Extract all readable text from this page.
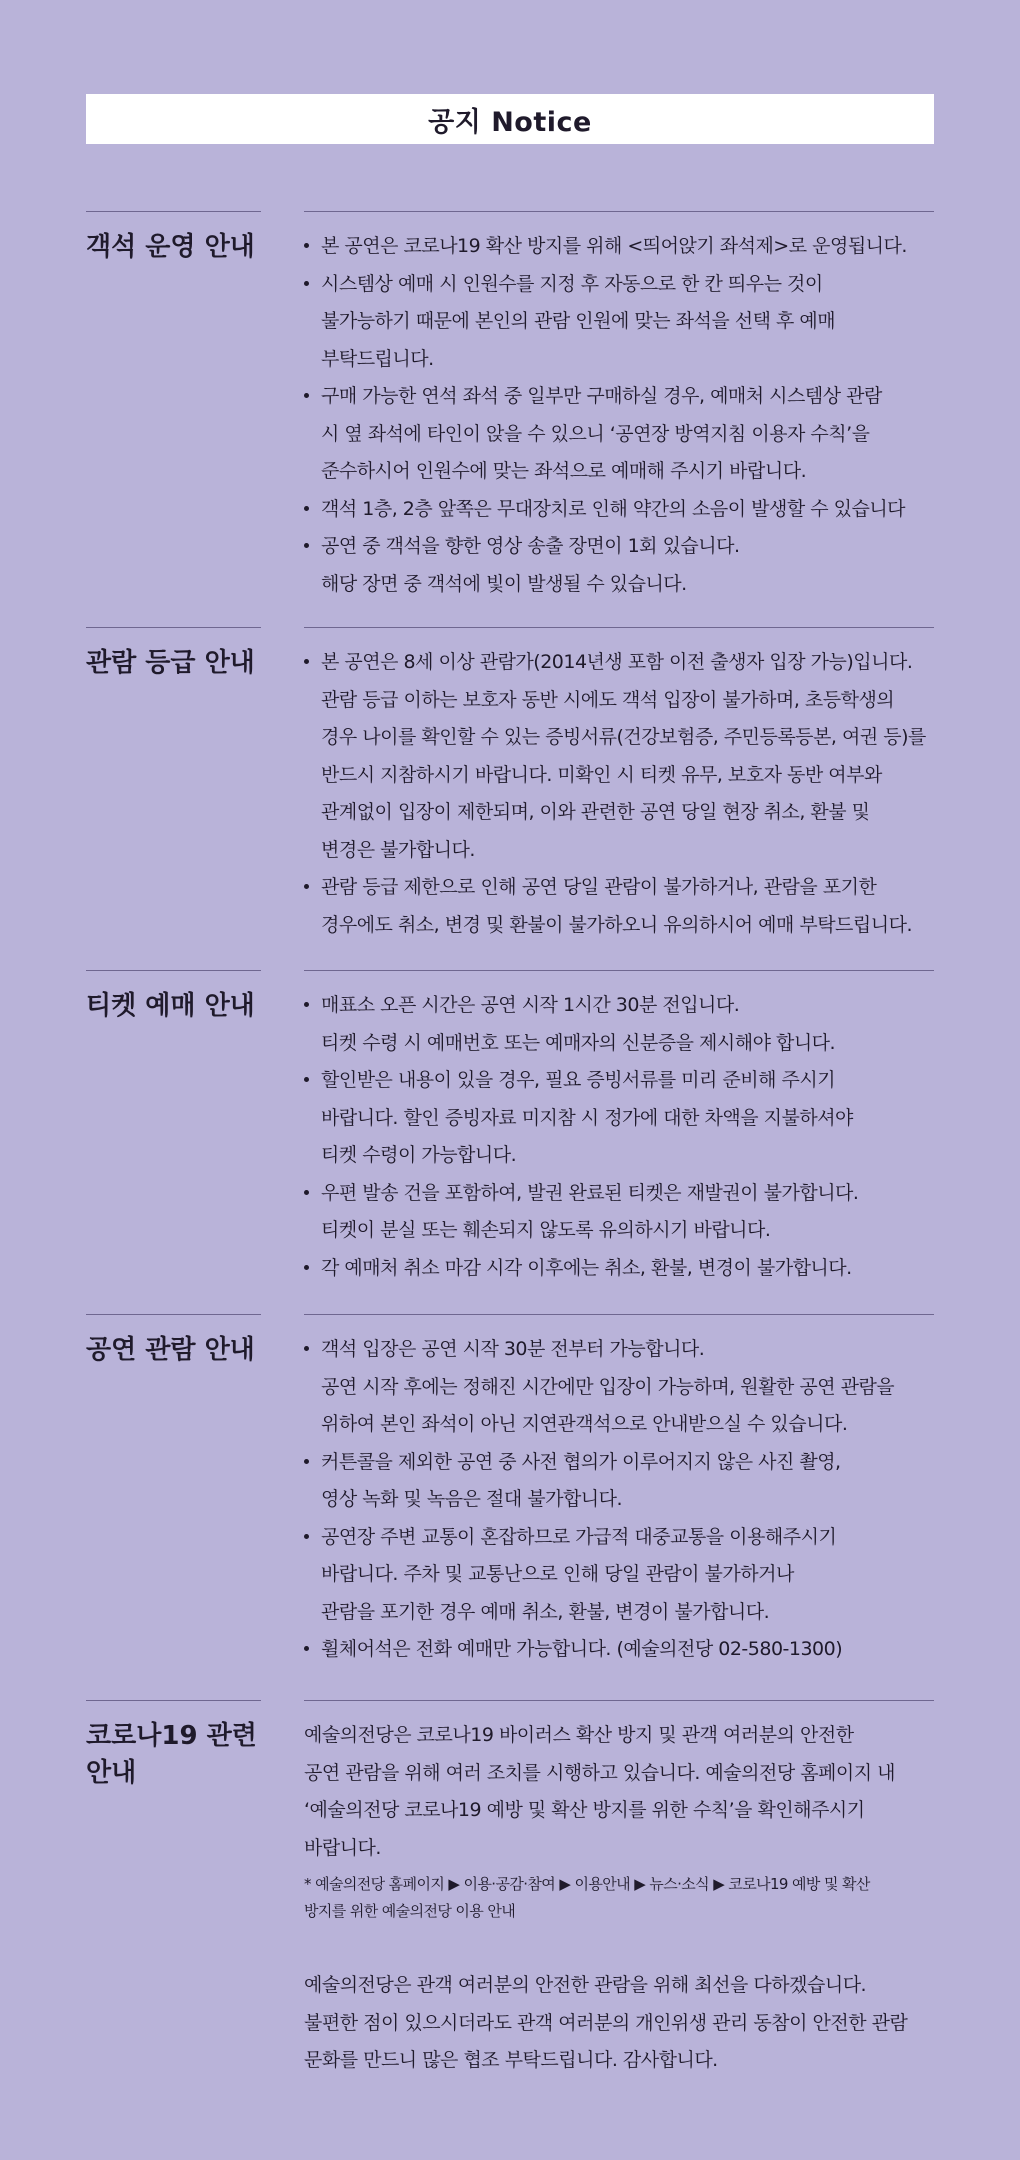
공지 Notice
객석 운영 안내	본 공연은 코로나19 확산 방지를 위해 <띄어앉기 좌석제>로 운영됩니다.
시스템상 예매 시 인원수를 지정 후 자동으로 한 칸 띄우는 것이
불가능하기 때문에 본인의 관람 인원에 맞는 좌석을 선택 후 예매
부탁드립니다.
구매 가능한 연석 좌석 중 일부만 구매하실 경우, 예매처 시스템상 관람
시 옆 좌석에 타인이 앉을 수 있으니 ‘공연장 방역지침 이용자 수칙’을
준수하시어 인원수에 맞는 좌석으로 예매해 주시기 바랍니다.
객석 1층, 2층 앞쪽은 무대장치로 인해 약간의 소음이 발생할 수 있습니다
공연 중 객석을 향한 영상 송출 장면이 1회 있습니다.
해당 장면 중 객석에 빛이 발생될 수 있습니다.
관람 등급 안내	본 공연은 8세 이상 관람가(2014년생 포함 이전 출생자 입장 가능)입니다.
관람 등급 이하는 보호자 동반 시에도 객석 입장이 불가하며, 초등학생의
경우 나이를 확인할 수 있는 증빙서류(건강보험증, 주민등록등본, 여권 등)를
반드시 지참하시기 바랍니다. 미확인 시 티켓 유무, 보호자 동반 여부와
관계없이 입장이 제한되며, 이와 관련한 공연 당일 현장 취소, 환불 및
변경은 불가합니다.
관람 등급 제한으로 인해 공연 당일 관람이 불가하거나, 관람을 포기한
경우에도 취소, 변경 및 환불이 불가하오니 유의하시어 예매 부탁드립니다.
티켓 예매 안내	매표소 오픈 시간은 공연 시작 1시간 30분 전입니다.
티켓 수령 시 예매번호 또는 예매자의 신분증을 제시해야 합니다.
할인받은 내용이 있을 경우, 필요 증빙서류를 미리 준비해 주시기
바랍니다. 할인 증빙자료 미지참 시 정가에 대한 차액을 지불하셔야
티켓 수령이 가능합니다.
우편 발송 건을 포함하여, 발권 완료된 티켓은 재발권이 불가합니다.
티켓이 분실 또는 훼손되지 않도록 유의하시기 바랍니다.
각 예매처 취소 마감 시각 이후에는 취소, 환불, 변경이 불가합니다.
공연 관람 안내	객석 입장은 공연 시작 30분 전부터 가능합니다.
공연 시작 후에는 정해진 시간에만 입장이 가능하며, 원활한 공연 관람을
위하여 본인 좌석이 아닌 지연관객석으로 안내받으실 수 있습니다.
커튼콜을 제외한 공연 중 사전 협의가 이루어지지 않은 사진 촬영,
영상 녹화 및 녹음은 절대 불가합니다.
공연장 주변 교통이 혼잡하므로 가급적 대중교통을 이용해주시기
바랍니다. 주차 및 교통난으로 인해 당일 관람이 불가하거나
관람을 포기한 경우 예매 취소, 환불, 변경이 불가합니다.
휠체어석은 전화 예매만 가능합니다. (예술의전당 02-580-1300)
코로나19 관련
안내
예술의전당은 코로나19 바이러스 확산 방지 및 관객 여러분의 안전한
공연 관람을 위해 여러 조치를 시행하고 있습니다. 예술의전당 홈페이지 내
‘예술의전당 코로나19 예방 및 확산 방지를 위한 수칙’을 확인해주시기
바랍니다.
* 예술의전당 홈페이지 ▶ 이용·공감·참여 ▶ 이용안내 ▶ 뉴스·소식 ▶ 코로나19 예방 및 확산
방지를 위한 예술의전당 이용 안내
예술의전당은 관객 여러분의 안전한 관람을 위해 최선을 다하겠습니다.
불편한 점이 있으시더라도 관객 여러분의 개인위생 관리 동참이 안전한 관람
문화를 만드니 많은 협조 부탁드립니다. 감사합니다.
